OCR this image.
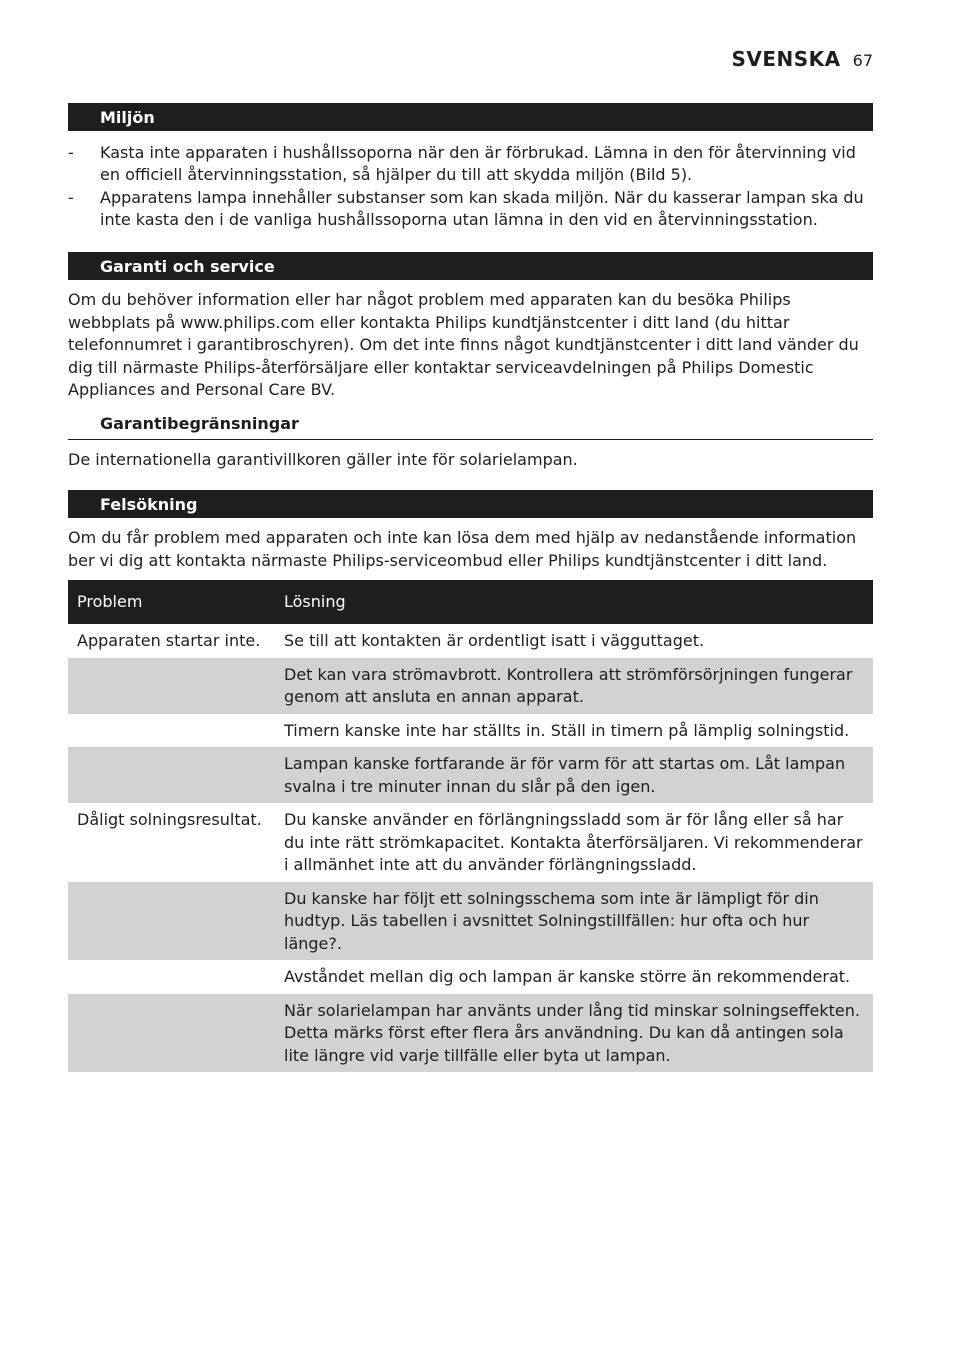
SVENSKA 67
Miljön
- Kasta inte apparaten i hushållssoporna när den är förbrukad. Lämna in den för återvinning vid en officiell återvinningsstation, så hjälper du till att skydda miljön (Bild 5).
- Apparatens lampa innehåller substanser som kan skada miljön. När du kasserar lampan ska du inte kasta den i de vanliga hushållssoporna utan lämna in den vid en återvinningsstation.
Garanti och service
Om du behöver information eller har något problem med apparaten kan du besöka Philips webbplats på www.philips.com eller kontakta Philips kundtjänstcenter i ditt land (du hittar telefonnumret i garantibroschyren). Om det inte finns något kundtjänstcenter i ditt land vänder du dig till närmaste Philips-återförsäljare eller kontaktar serviceavdelningen på Philips Domestic Appliances and Personal Care BV.
Garantibegränsningar
De internationella garantivillkoren gäller inte för solarielampan.
Felsökning
Om du får problem med apparaten och inte kan lösa dem med hjälp av nedanstående information ber vi dig att kontakta närmaste Philips-serviceombud eller Philips kundtjänstcenter i ditt land.
Problem	Lösning
Apparaten startar inte.	Se till att kontakten är ordentligt isatt i vägguttaget.
	Det kan vara strömavbrott. Kontrollera att strömförsörjningen fungerar genom att ansluta en annan apparat.
	Timern kanske inte har ställts in. Ställ in timern på lämplig solningstid.
	Lampan kanske fortfarande är för varm för att startas om. Låt lampan svalna i tre minuter innan du slår på den igen.
Dåligt solningsresultat.	Du kanske använder en förlängningssladd som är för lång eller så har du inte rätt strömkapacitet. Kontakta återförsäljaren. Vi rekommenderar i allmänhet inte att du använder förlängningssladd.
	Du kanske har följt ett solningsschema som inte är lämpligt för din hudtyp. Läs tabellen i avsnittet Solningstillfällen: hur ofta och hur länge?.
	Avståndet mellan dig och lampan är kanske större än rekommenderat.
	När solarielampan har använts under lång tid minskar solningseffekten. Detta märks först efter flera års användning. Du kan då antingen sola lite längre vid varje tillfälle eller byta ut lampan.
